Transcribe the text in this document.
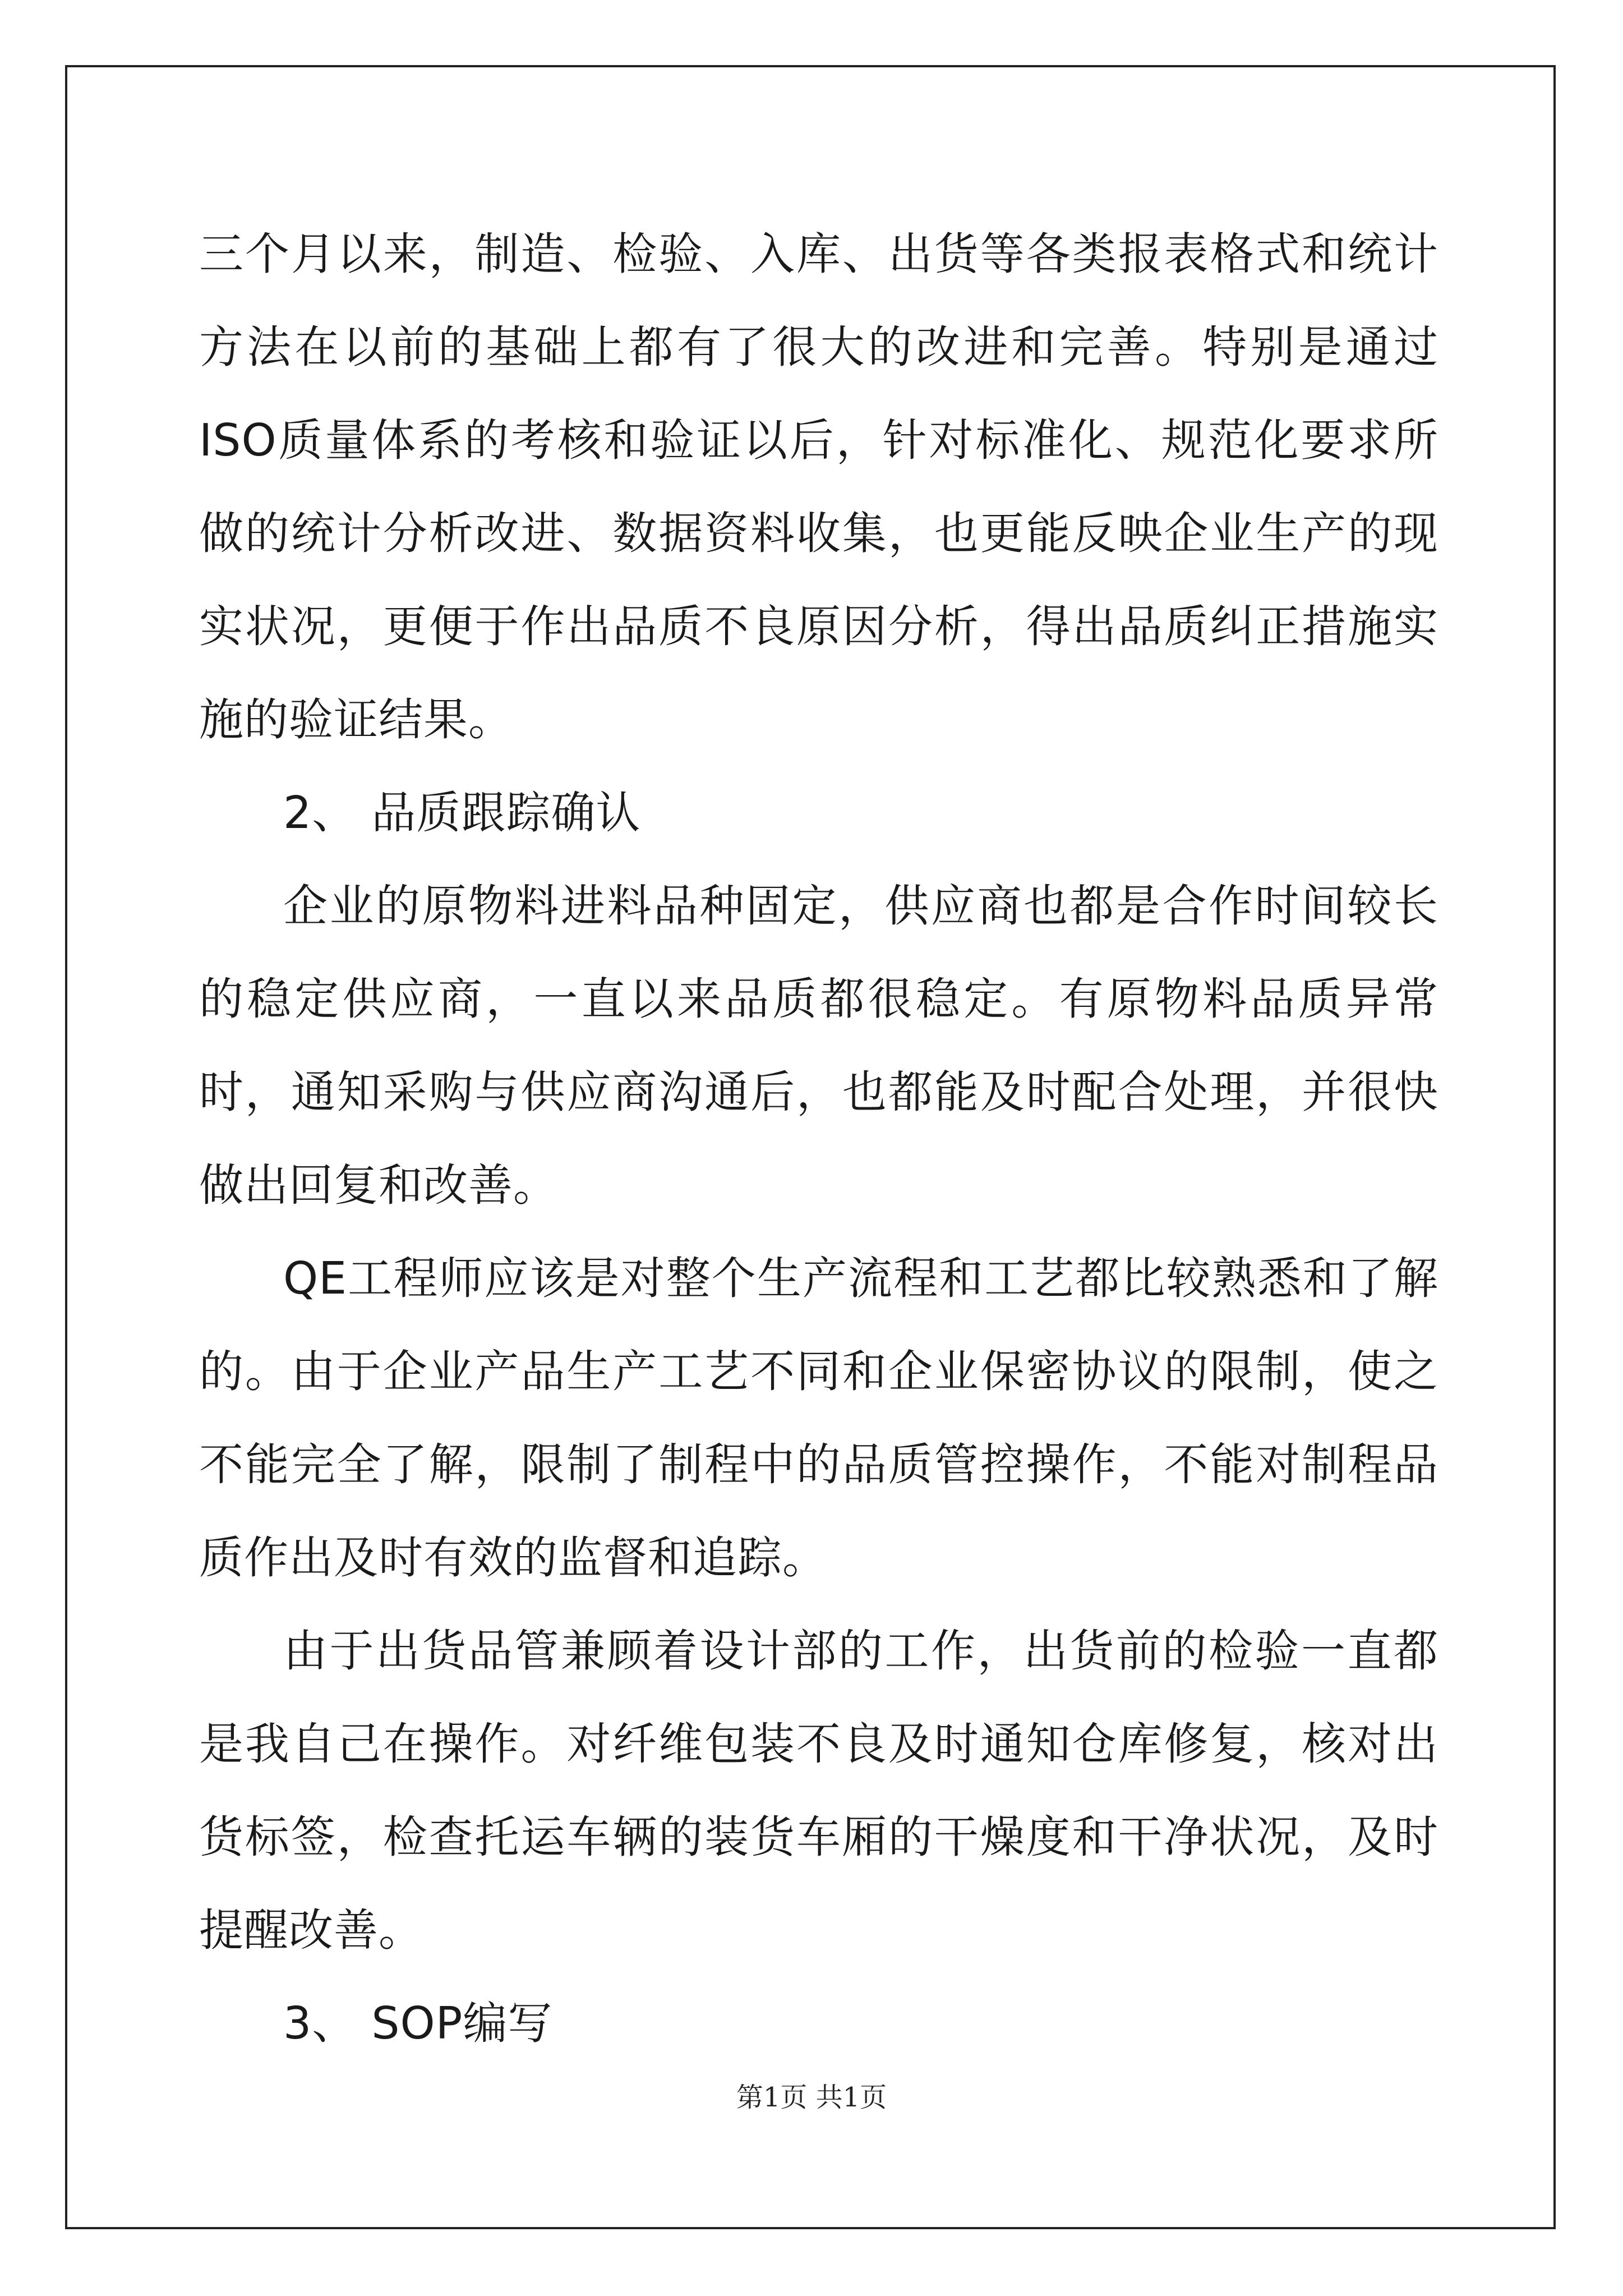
三个月以来，制造、检验、入库、出货等各类报表格式和统计方法在以前的基础上都有了很大的改进和完善。特别是通过ISO质量体系的考核和验证以后，针对标准化、规范化要求所做的统计分析改进、数据资料收集，也更能反映企业生产的现实状况，更便于作出品质不良原因分析，得出品质纠正措施实施的验证结果。

2、 品质跟踪确认

企业的原物料进料品种固定，供应商也都是合作时间较长的稳定供应商，一直以来品质都很稳定。有原物料品质异常时，通知采购与供应商沟通后，也都能及时配合处理，并很快做出回复和改善。

QE工程师应该是对整个生产流程和工艺都比较熟悉和了解的。由于企业产品生产工艺不同和企业保密协议的限制，使之不能完全了解，限制了制程中的品质管控操作，不能对制程品质作出及时有效的监督和追踪。

由于出货品管兼顾着设计部的工作，出货前的检验一直都是我自己在操作。对纤维包装不良及时通知仓库修复，核对出货标签，检查托运车辆的装货车厢的干燥度和干净状况，及时提醒改善。

3、 SOP编写

第1页 共1页
